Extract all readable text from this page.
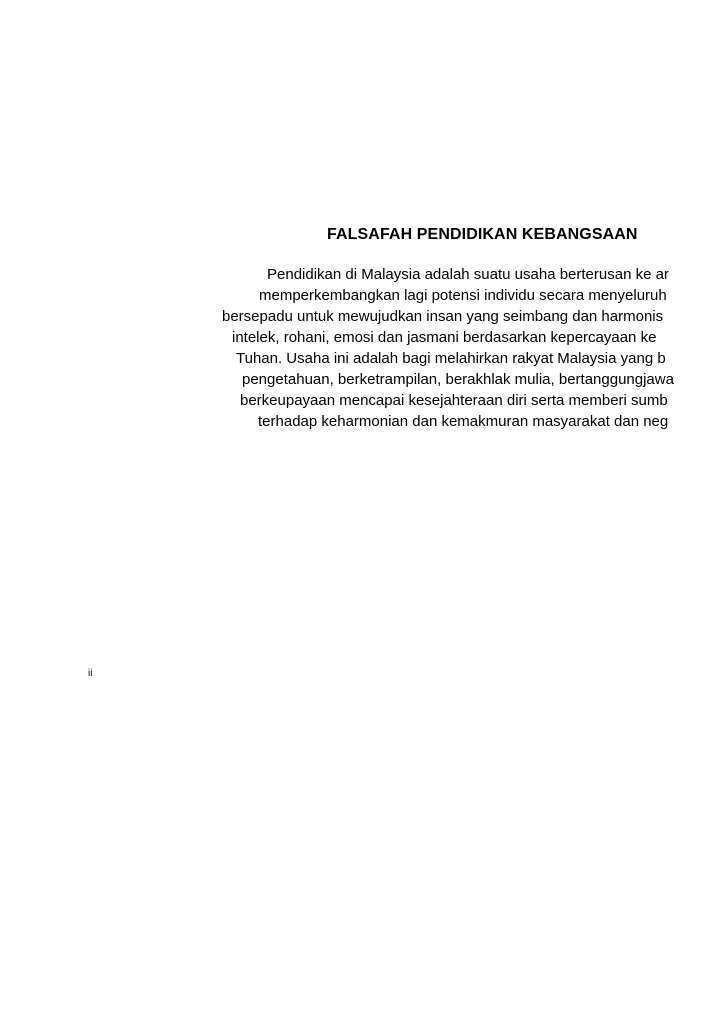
FALSAFAH PENDIDIKAN KEBANGSAAN
Pendidikan di Malaysia adalah suatu usaha berterusan ke ar
memperkembangkan lagi potensi individu secara menyeluruh
bersepadu untuk mewujudkan insan yang seimbang dan harmonis
intelek, rohani, emosi dan jasmani berdasarkan kepercayaan ke
Tuhan. Usaha ini adalah bagi melahirkan rakyat Malaysia yang b
pengetahuan, berketrampilan, berakhlak mulia, bertanggungjawa
berkeupayaan mencapai kesejahteraan diri serta memberi sumb
terhadap keharmonian dan kemakmuran masyarakat dan neg
ii
